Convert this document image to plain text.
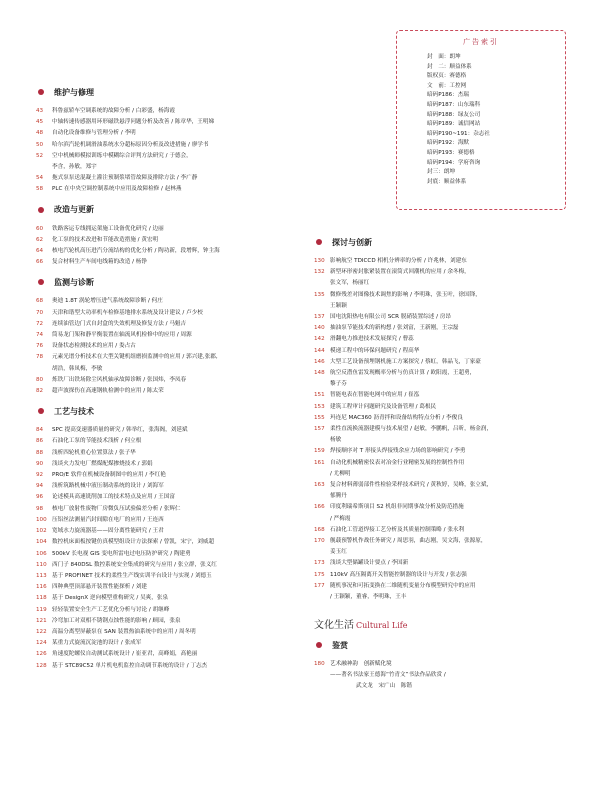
广告索引
封　面：朗坤
封　二：顺益体系
版权页：赛德格
文　前：工控网
暗码P186：杰瑞
暗码P187：山东瑞科
暗码P188：绿友公司
暗码P189：诚信网站
暗码P190~191：杂志社
暗码P192：海默
暗码P193：赛德格
暗码P194：学府咨询
封三：朗坤
封底：顺益体系
维护与修理
43	科鲁兹轿车空调系统的故障分析 / 白彩盛，杨海霞
45	中轴转速传感器用环形磁铁悬浮问题分析及改善 / 陈章华，王明娣
48	自动化设备维修与管理分析 / 李明
50	哈尔滨汽轮机调滑油系统水分超标原因分析及改进措施 / 廖学书
52	空中机械师模拟训练中模糊综合评判方法研究 / 于德会，
李含，孙敏，郑宇
54	拖式泵泵送混凝土灌注预制浆堵管故障及排除方法 / 李广静
58	PLC 在中央空调控制系统中应用及故障检修 / 赵林燕
改造与更新
60	铁路客运专线拥运架施工设备优化研究 / 边丽
62	化工泵的技术改进和节能改造措施 / 黄宏明
64	核电汽轮机高压进汽分流结构的优化分析 / 陶功新，段增辉，钟主海
66	复合材料生产车间电线箱的改造 / 杨铮
监测与诊断
68	奥迪 1.8T 涡轮增压进气系统故障诊断 / 何庄
70	天津和谐型大功率机车检修基地排水系统及设计建议 / 卢少校
72	连续油管边门式自封盒的失效机理及修复方法 / 马魁吉
74	筒易龙门架和静平衡装置在轴流风机检修中的应用 / 周源
76	设备状态检测技术的应用 / 娄占古
78	元素光谱分析技术在大型关键机组磨损监测中的应用 / 郭兴建,张郡,
胡浩，韩凤梅，李敏
80	炼铁厂出铁场除尘风机轴承故障诊断 / 张国炜，李凤春
82	超声波探伤在高速钢轨检测中的应用 / 陈太荣
工艺与技术
84	SPC 提高变速器质量的研究 / 韩举红，张海阁，刘延斌
86	石油化工泵的节能技术浅析 / 何立根
88	浅析四轮机重心位置算法 / 张子华
90	浅谈火力发电厂燃煤配煤掺烧技术 / 郭娟
92	PRO/E 软件在机械设备制图中的应用 / 李红艳
94	浅析筑路机械中液压制动系统的设计 / 刘海军
96	论述模具高速铣削加工的技术特点及应用 / 王国富
98	核电厂放射性废物厂房微负压试验偏差分析 / 张辉仁
100 压铝丝法测量汽封间隙在电厂的应用 / 王连西
102 宽域水力旋流器基——固分离性能研究 / 王君
104 数控机床面板按键仿真模型组设计方法探索 / 曾凯，宋宁，刘威超
106 500kV 长电视 GIS 变电所雷电过电压防护研究 / 陶建勇
110 西门子 840DSL 数控系统安全集成的研究与应用 / 张立群，张义红
113 基于 PROFINET 技术的柔性生产线实训平台设计与实现 / 刘德玉
116 四种典型顶部悬开装置性能探析 / 刘建
118 基于 DesignX 逆向模型重构研究 / 吴爽，张泉
119 轻轻装置安全生产工艺优化分析与讨论 / 胡继峰
121 冷弯加工对双相不锈钢点蚀性能的影响 / 顾园，张泉
122 高温分离型屏蔽泵在 SAN 装置热油系统中的应用 / 周冬明
124 某重力式旋流沉淀池的设计 / 张成军
126 角速度陀螺仪自动测试系统设计 / 崔亚君，高峰娟，高艳丽
128 基于 STC89C52 单片机电机监控自动调节系统的设计 / 丁志杰
探讨与创新
130 影响航空 TDICCD 相机分辨率的分析 / 许兆林，刘建东
132 新型环形密封胀紧装置在滚筒式回潮机的应用 / 余冬梅，
张文军，杨丽红
135 微修残差对图像技术调焦的影响 / 李明珠，张玉叶，徐国锋，
王颖颖
137 国电沈阳热电有限公司 SCR 脱硝装置综述 / 房昂
140 抽油泵节能技术的新构想 / 张刘富，王新刚，王宗磊
142 滑翻电力推进技术发展探究 / 曹蕊
144 模递工程中的环保问题研究 / 程高华
146 大型工艺设备预埋钢机施工方案探究 / 蔡虹，韩晶飞，丁家豪
148 航空反潜鱼雷发现概率分析与仿真计算 / 欧阳霞，王超勇，
黎子芬
151 智能电表在智能电网中的应用 / 崔泓
153 建筑工程审计问题研究及设备管理 / 葛根民
155 玛连尼 MAC360 沥青拌和设备结构特点分析 / 李俊良
157 柔性直流换流器建模与技术展望 / 赵敏，李鹏帆，吕昕，杨金润，
杨敏
159 焊接顺序对 T 形接头焊接残余应力场的影响研究 / 李勇
161 自动化机械精密仪表对冶金行业精密发展的控制性作用
/ 尤柳明
163 复合材料薄弱部件性检验采样技术研究 / 黄秋婷，吴峰，张立斌，
郁腾丹
166 印度利瑞希斯项目 S2 机组非同期事故分析及防范措施
/ 严梅霞
168 石油化工管道焊接工艺分析及其质量控制策略 / 张永利
170 舰载预警机作战任务研究 / 周思羽，曲志刚，吴文海，张源原，
姜玉红
173 浅谈大型储罐设计要点 / 李国新
175 110kV 高压隔离开关智能控制器的设计与开发 / 张志强
177 随机事况和可拓变换在二维随机变量分布模型研究中的应用
/ 王颖颖，董睿，李明珠，王丰
文化生活 Cultural Life
鉴赏
180 艺术融神韵　创新赋化境
——著名书法家王德海“竹青文”书法作品欣赏 /
武文龙　宋广山　陈锴
